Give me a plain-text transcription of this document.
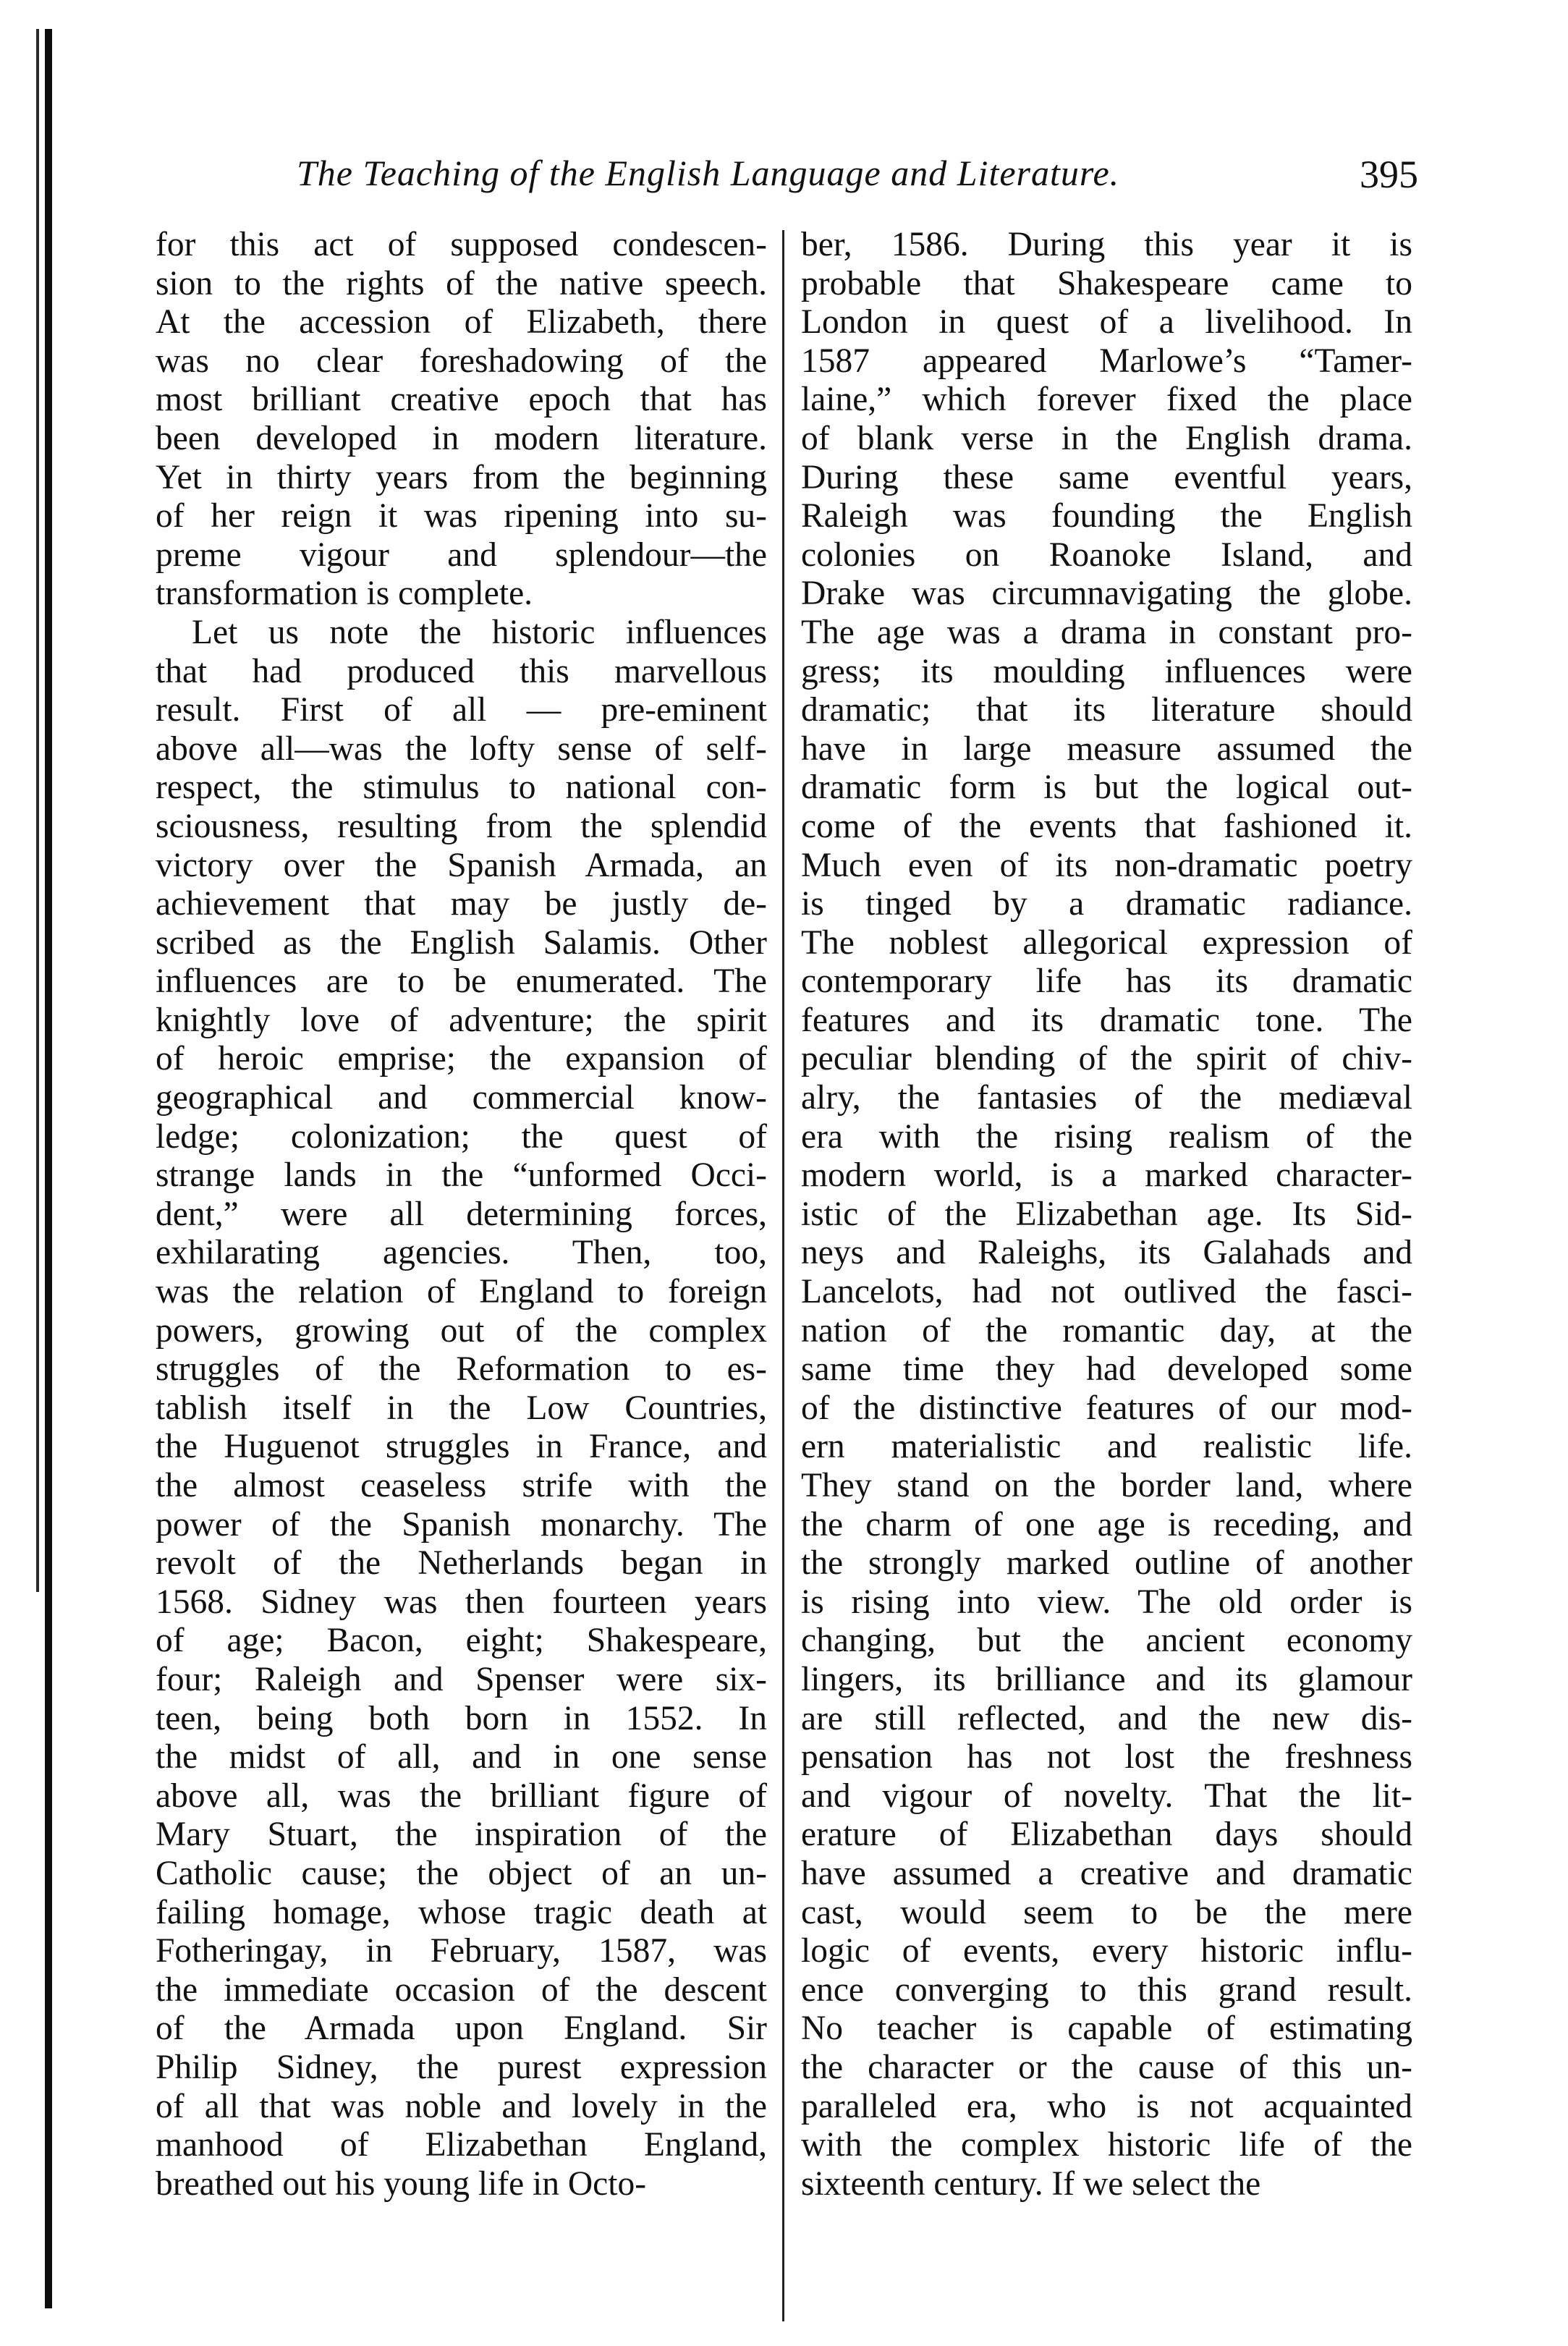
The Teaching of the English Language and Literature.	395
for this act of supposed condescen-
sion to the rights of the native speech.
At the accession of Elizabeth, there
was no clear foreshadowing of the
most brilliant creative epoch that has
been developed in modern literature.
Yet in thirty years from the beginning
of her reign it was ripening into su-
preme vigour and splendour—the
transformation is complete.
Let us note the historic influences
that had produced this marvellous
result. First of all — pre-eminent
above all—was the lofty sense of self-
respect, the stimulus to national con-
sciousness, resulting from the splendid
victory over the Spanish Armada, an
achievement that may be justly de-
scribed as the English Salamis. Other
influences are to be enumerated. The
knightly love of adventure; the spirit
of heroic emprise; the expansion of
geographical and commercial know-
ledge; colonization; the quest of
strange lands in the “unformed Occi-
dent,” were all determining forces,
exhilarating agencies. Then, too,
was the relation of England to foreign
powers, growing out of the complex
struggles of the Reformation to es-
tablish itself in the Low Countries,
the Huguenot struggles in France, and
the almost ceaseless strife with the
power of the Spanish monarchy. The
revolt of the Netherlands began in
1568. Sidney was then fourteen years
of age; Bacon, eight; Shakespeare,
four; Raleigh and Spenser were six-
teen, being both born in 1552. In
the midst of all, and in one sense
above all, was the brilliant figure of
Mary Stuart, the inspiration of the
Catholic cause; the object of an un-
failing homage, whose tragic death at
Fotheringay, in February, 1587, was
the immediate occasion of the descent
of the Armada upon England. Sir
Philip Sidney, the purest expression
of all that was noble and lovely in the
manhood of Elizabethan England,
breathed out his young life in Octo-
ber, 1586. During this year it is
probable that Shakespeare came to
London in quest of a livelihood. In
1587 appeared Marlowe’s “Tamer-
laine,” which forever fixed the place
of blank verse in the English drama.
During these same eventful years,
Raleigh was founding the English
colonies on Roanoke Island, and
Drake was circumnavigating the globe.
The age was a drama in constant pro-
gress; its moulding influences were
dramatic; that its literature should
have in large measure assumed the
dramatic form is but the logical out-
come of the events that fashioned it.
Much even of its non-dramatic poetry
is tinged by a dramatic radiance.
The noblest allegorical expression of
contemporary life has its dramatic
features and its dramatic tone. The
peculiar blending of the spirit of chiv-
alry, the fantasies of the mediæval
era with the rising realism of the
modern world, is a marked character-
istic of the Elizabethan age. Its Sid-
neys and Raleighs, its Galahads and
Lancelots, had not outlived the fasci-
nation of the romantic day, at the
same time they had developed some
of the distinctive features of our mod-
ern materialistic and realistic life.
They stand on the border land, where
the charm of one age is receding, and
the strongly marked outline of another
is rising into view. The old order is
changing, but the ancient economy
lingers, its brilliance and its glamour
are still reflected, and the new dis-
pensation has not lost the freshness
and vigour of novelty. That the lit-
erature of Elizabethan days should
have assumed a creative and dramatic
cast, would seem to be the mere
logic of events, every historic influ-
ence converging to this grand result.
No teacher is capable of estimating
the character or the cause of this un-
paralleled era, who is not acquainted
with the complex historic life of the
sixteenth century. If we select the
